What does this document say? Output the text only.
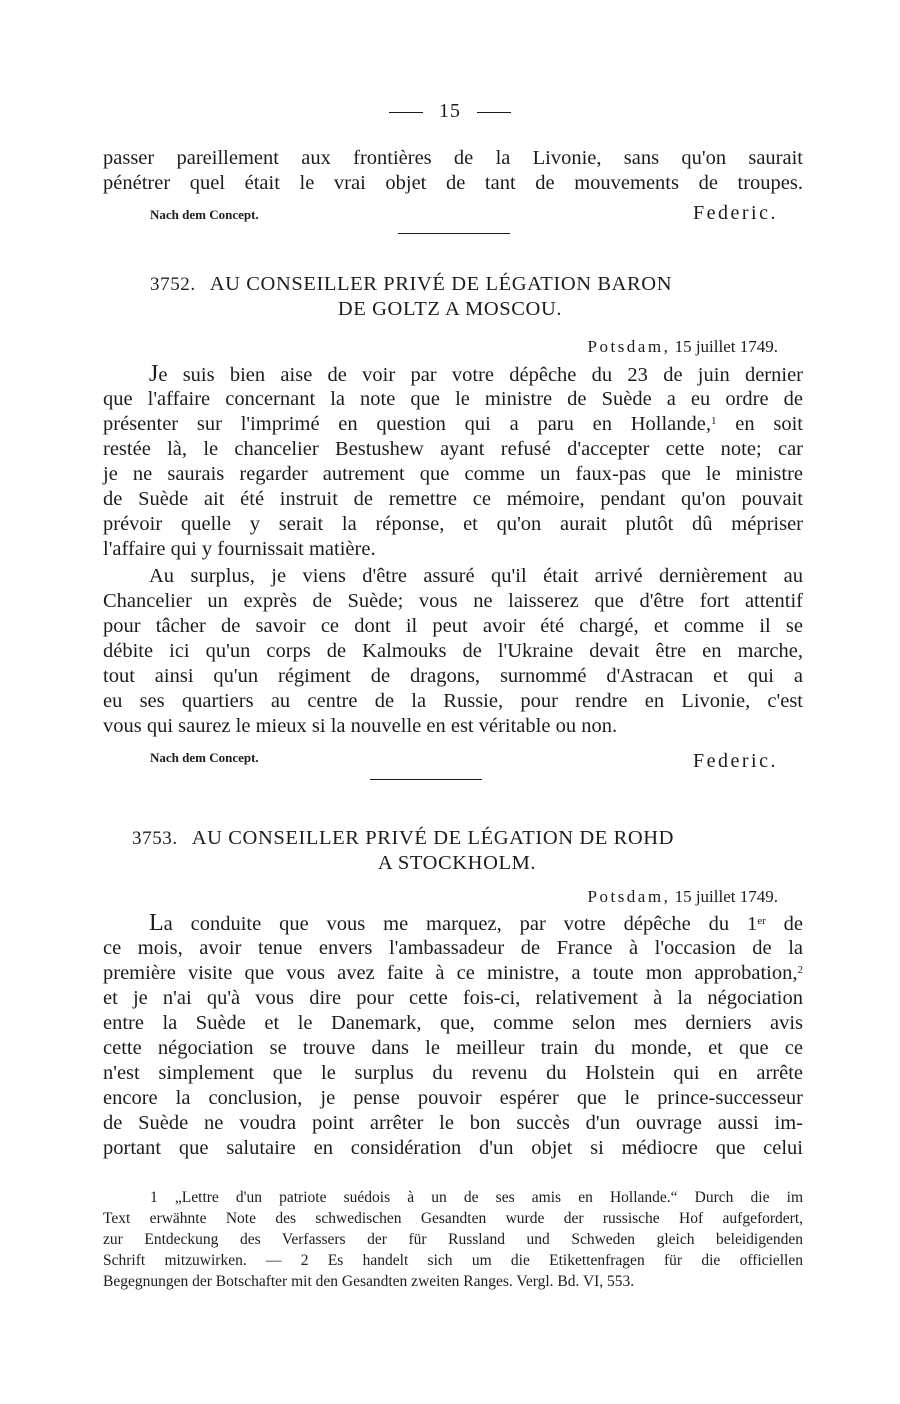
15
passer pareillement aux frontières de la Livonie, sans qu'on saurait
pénétrer quel était le vrai objet de tant de mouvements de troupes.
Nach dem Concept.	Federic.
3752. AU CONSEILLER PRIVÉ DE LÉGATION BARON
DE GOLTZ A MOSCOU.
Potsdam, 15 juillet 1749.
Je suis bien aise de voir par votre dépêche du 23 de juin dernier
que l'affaire concernant la note que le ministre de Suède a eu ordre de
présenter sur l'imprimé en question qui a paru en Hollande,$^1$ en soit
restée là, le chancelier Bestushew ayant refusé d'accepter cette note; car
je ne saurais regarder autrement que comme un faux-pas que le ministre
de Suède ait été instruit de remettre ce mémoire, pendant qu'on pouvait
prévoir quelle y serait la réponse, et qu'on aurait plutôt dû mépriser
l'affaire qui y fournissait matière.
Au surplus, je viens d'être assuré qu'il était arrivé dernièrement au
Chancelier un exprès de Suède; vous ne laisserez que d'être fort attentif
pour tâcher de savoir ce dont il peut avoir été chargé, et comme il se
débite ici qu'un corps de Kalmouks de l'Ukraine devait être en marche,
tout ainsi qu'un régiment de dragons, surnommé d'Astracan et qui a
eu ses quartiers au centre de la Russie, pour rendre en Livonie, c'est
vous qui saurez le mieux si la nouvelle en est véritable ou non.
Nach dem Concept.	Federic.
3753. AU CONSEILLER PRIVÉ DE LÉGATION DE ROHD
A STOCKHOLM.
Potsdam, 15 juillet 1749.
La conduite que vous me marquez, par votre dépêche du 1er de
ce mois, avoir tenue envers l'ambassadeur de France à l'occasion de la
première visite que vous avez faite à ce ministre, a toute mon approbation,$^2$
et je n'ai qu'à vous dire pour cette fois-ci, relativement à la négociation
entre la Suède et le Danemark, que, comme selon mes derniers avis
cette négociation se trouve dans le meilleur train du monde, et que ce
n'est simplement que le surplus du revenu du Holstein qui en arrête
encore la conclusion, je pense pouvoir espérer que le prince-successeur
de Suède ne voudra point arrêter le bon succès d'un ouvrage aussi im-
portant que salutaire en considération d'un objet si médiocre que celui
1 „Lettre d'un patriote suédois à un de ses amis en Hollande.“ Durch die im
Text erwähnte Note des schwedischen Gesandten wurde der russische Hof aufgefordert,
zur Entdeckung des Verfassers der für Russland und Schweden gleich beleidigenden
Schrift mitzuwirken. — 2 Es handelt sich um die Etikettenfragen für die officiellen
Begegnungen der Botschafter mit den Gesandten zweiten Ranges. Vergl. Bd. VI, 553.
